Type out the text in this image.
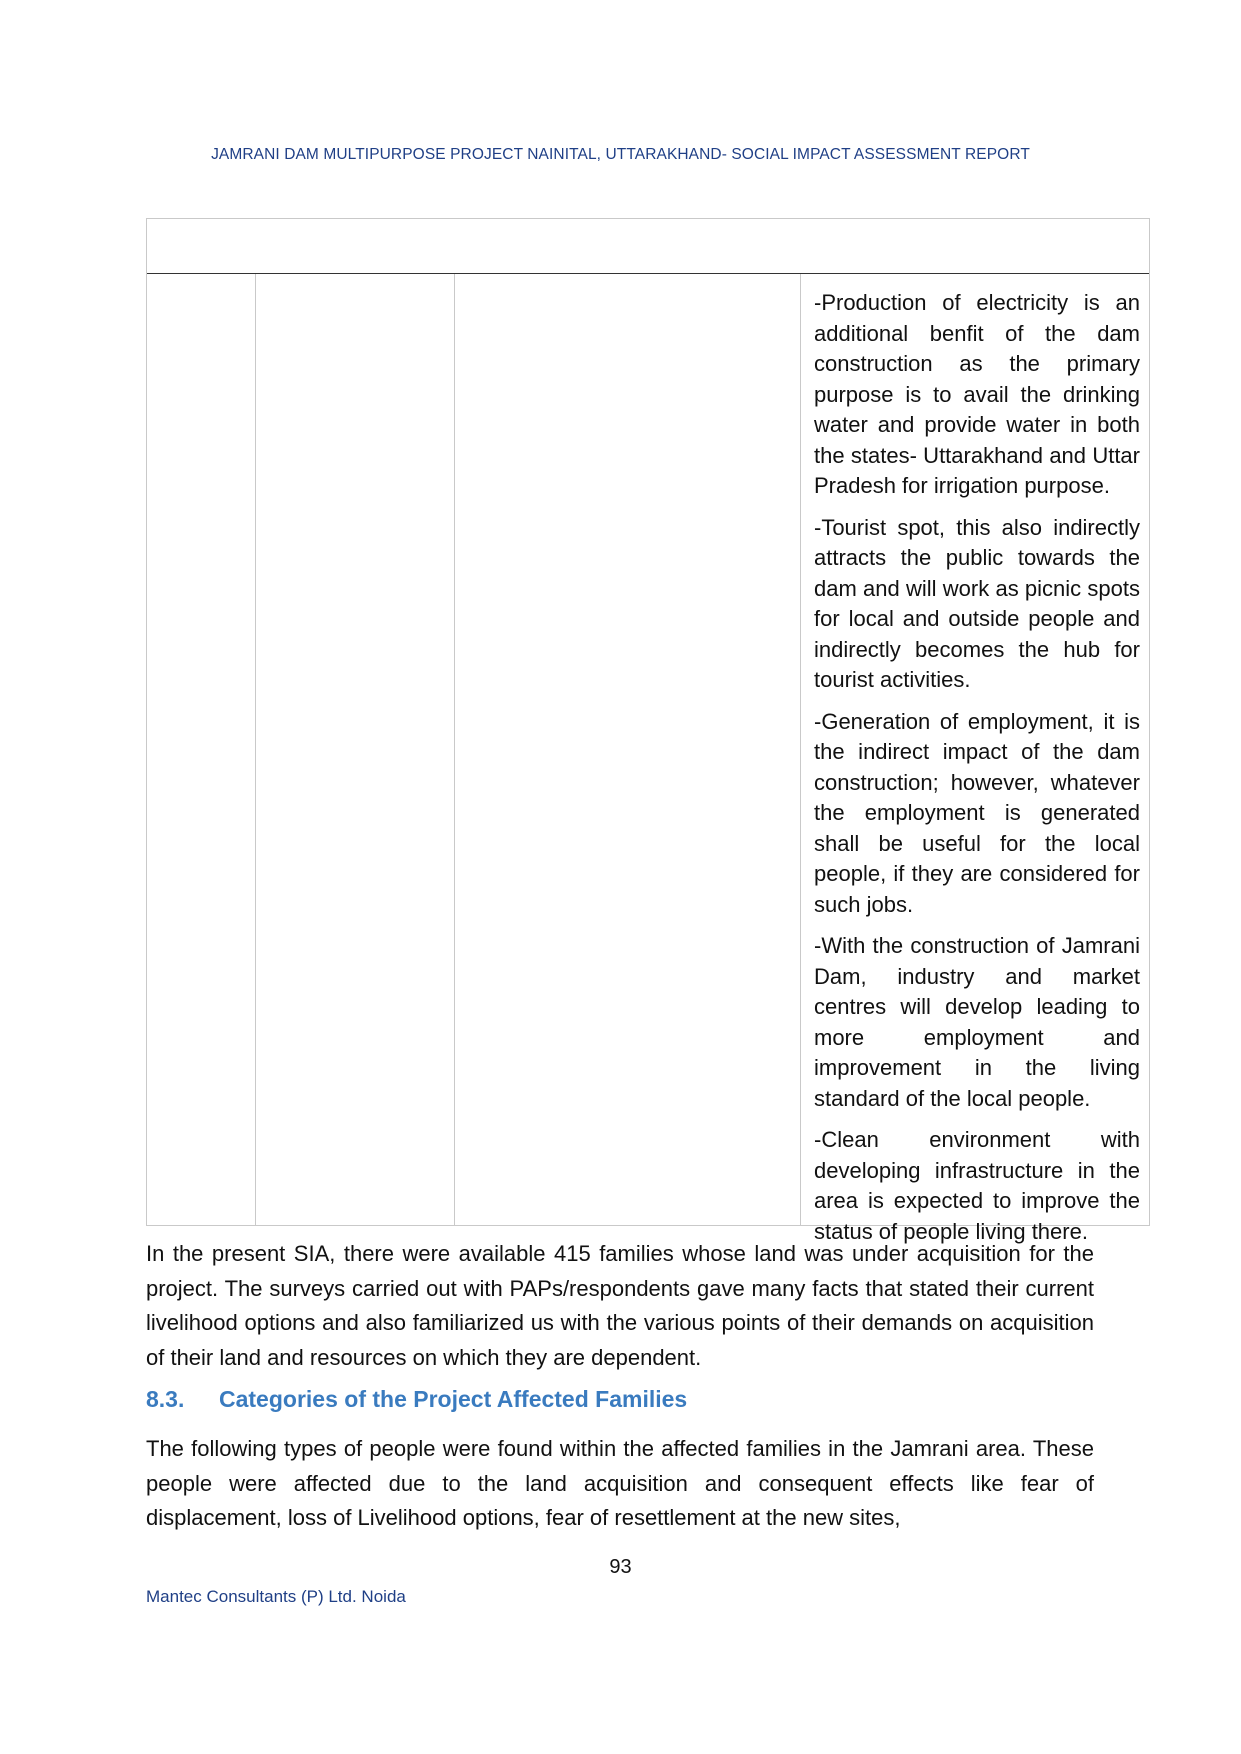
JAMRANI DAM MULTIPURPOSE PROJECT NAINITAL, UTTARAKHAND- SOCIAL IMPACT ASSESSMENT REPORT

-Production of electricity is an additional benfit of the dam construction as the primary purpose is to avail the drinking water and provide water in both the states- Uttarakhand and Uttar Pradesh for irrigation purpose.

-Tourist spot, this also indirectly attracts the public towards the dam and will work as picnic spots for local and outside people and indirectly becomes the hub for tourist activities.

-Generation of employment, it is the indirect impact of the dam construction; however, whatever the employment is generated shall be useful for the local people, if they are considered for such jobs.

-With the construction of Jamrani Dam, industry and market centres will develop leading to more employment and improvement in the living standard of the local people.

-Clean environment with developing infrastructure in the area is expected to improve the status of people living there.

In the present SIA, there were available 415 families whose land was under acquisition for the project. The surveys carried out with PAPs/respondents gave many facts that stated their current livelihood options and also familiarized us with the various points of their demands on acquisition of their land and resources on which they are dependent.

8.3. Categories of the Project Affected Families

The following types of people were found within the affected families in the Jamrani area. These people were affected due to the land acquisition and consequent effects like fear of displacement, loss of Livelihood options, fear of resettlement at the new sites,

93
Mantec Consultants (P) Ltd. Noida
